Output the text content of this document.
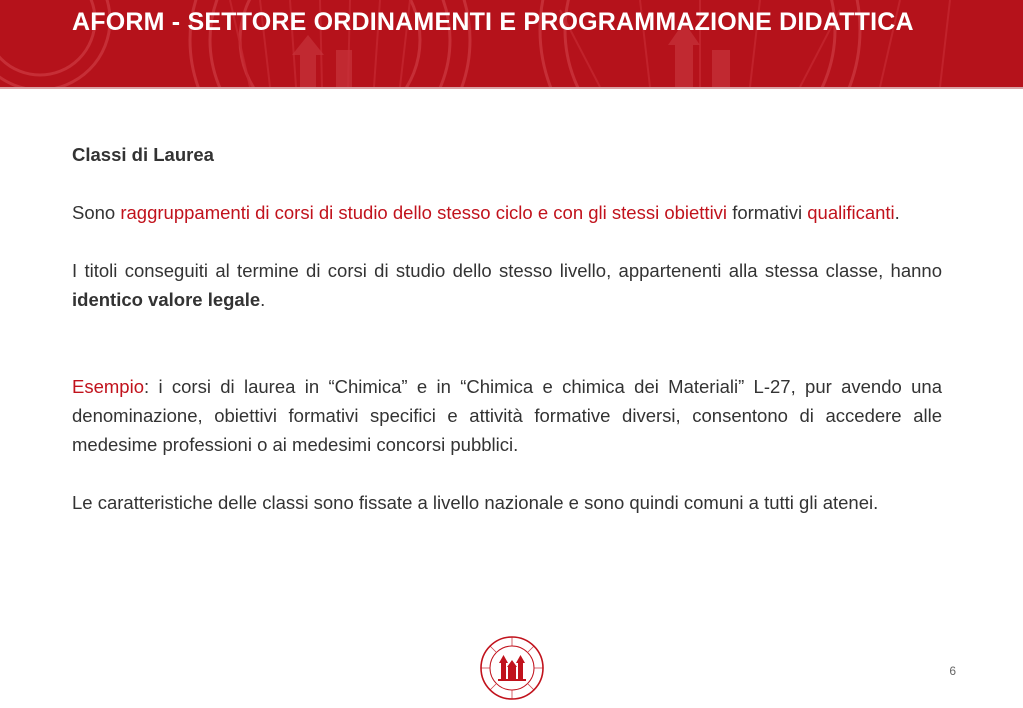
AFORM - SETTORE ORDINAMENTI E PROGRAMMAZIONE DIDATTICA

Classi di Laurea

Sono raggruppamenti di corsi di studio dello stesso ciclo e con gli stessi obiettivi formativi qualificanti.

I titoli conseguiti al termine di corsi di studio dello stesso livello, appartenenti alla stessa classe, hanno identico valore legale.

Esempio: i corsi di laurea in “Chimica” e in “Chimica e chimica dei Materiali” L-27, pur avendo una denominazione, obiettivi formativi specifici e attività formative diversi, consentono di accedere alle medesime professioni o ai medesimi concorsi pubblici.

Le caratteristiche delle classi sono fissate a livello nazionale e sono quindi comuni a tutti gli atenei.

6
